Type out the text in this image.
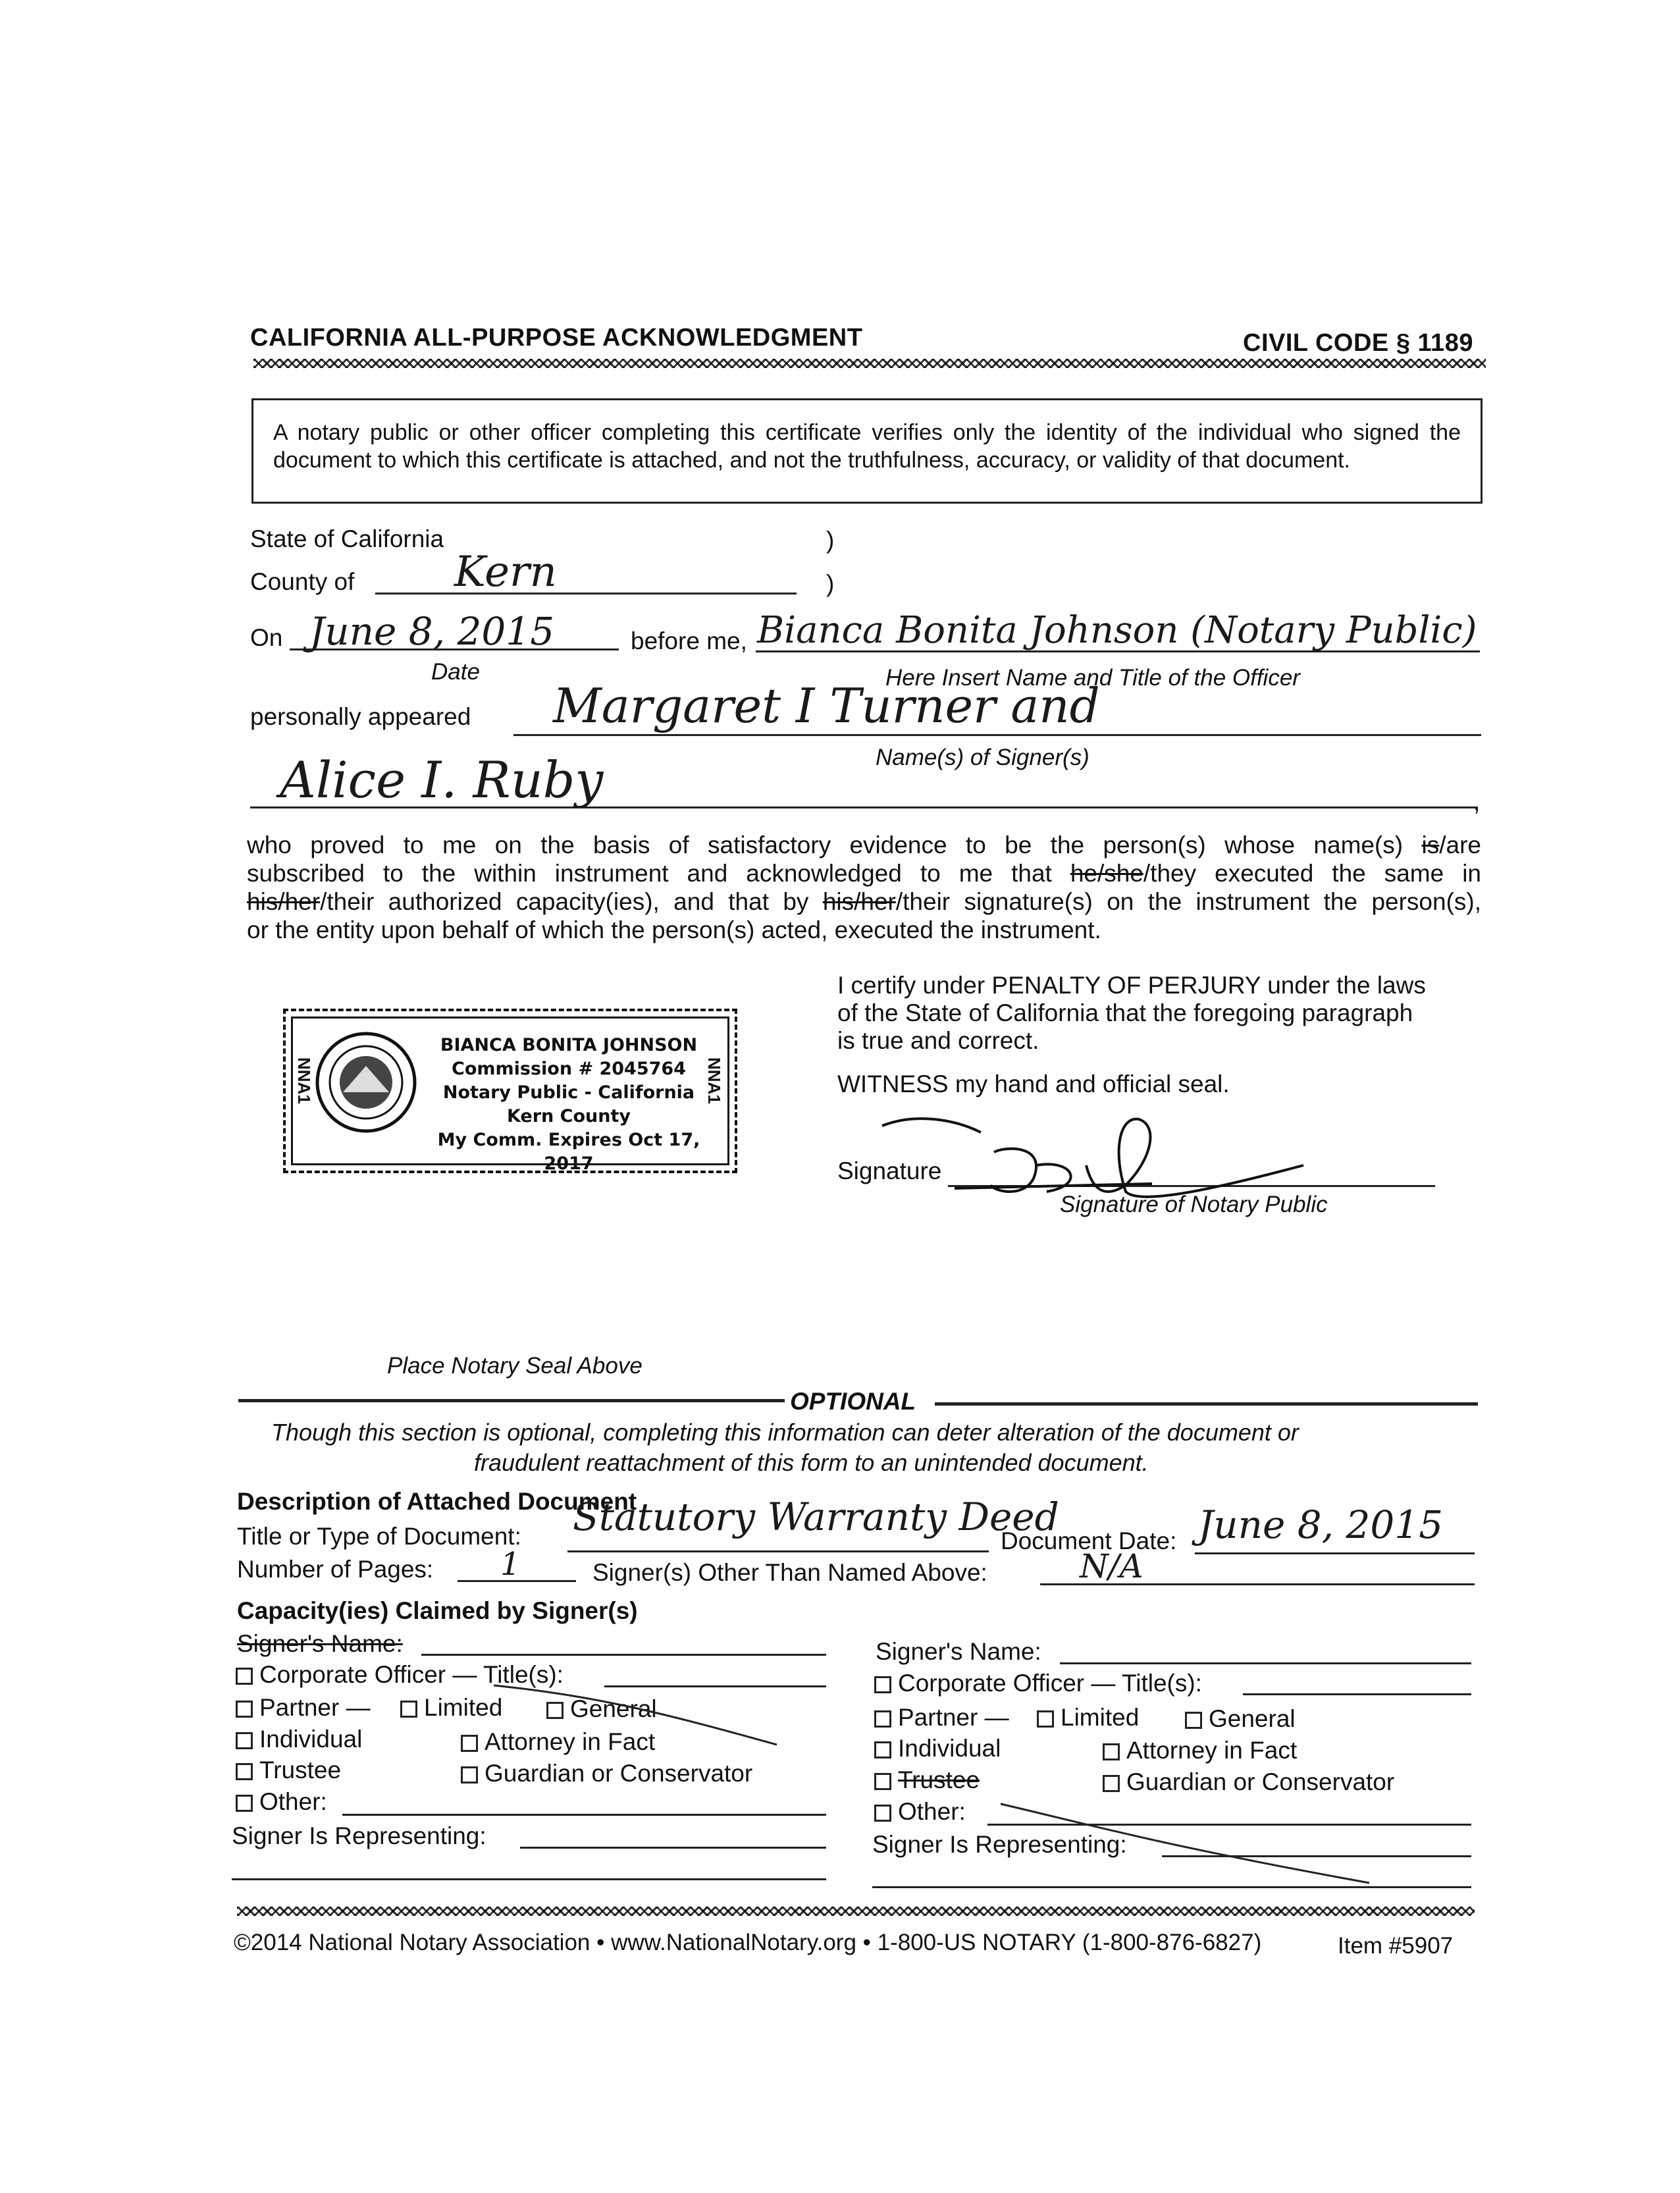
CALIFORNIA ALL-PURPOSE ACKNOWLEDGMENT	CIVIL CODE § 1189
A notary public or other officer completing this certificate verifies only the identity of the individual who signed the document to which this certificate is attached, and not the truthfulness, accuracy, or validity of that document.
State of California	)
County of Kern	)
On June 8, 2015	before me, Bianca Bonita Johnson (Notary Public)
Date	Here Insert Name and Title of the Officer
personally appeared Margaret I Turner and
Name(s) of Signer(s)
,
Alice I. Ruby
who proved to me on the basis of satisfactory evidence to be the person(s) whose name(s) is/are
subscribed to the within instrument and acknowledged to me that he/she/they executed the same in
his/her/their authorized capacity(ies), and that by his/her/their signature(s) on the instrument the person(s),
or the entity upon behalf of which the person(s) acted, executed the instrument.
I certify under PENALTY OF PERJURY under the laws
of the State of California that the foregoing paragraph
is true and correct.
WITNESS my hand and official seal.
Signature
Signature of Notary Public
NNA1	NNA1
BIANCA BONITA JOHNSON
Commission # 2045764
Notary Public - California
Kern County
My Comm. Expires Oct 17, 2017
Place Notary Seal Above
OPTIONAL
Though this section is optional, completing this information can deter alteration of the document or
fraudulent reattachment of this form to an unintended document.
Description of Attached Document
Title or Type of Document: Statutory Warranty Deed
Document Date: June 8, 2015
Number of Pages: 1	Signer(s) Other Than Named Above:	N/A
Capacity(ies) Claimed by Signer(s)
Signer's Name:
Corporate Officer — Title(s):
Partner —	Limited	General
Individual	Attorney in Fact
Trustee	Guardian or Conservator
Other:
Signer Is Representing:
Signer's Name:
Corporate Officer — Title(s):
Partner —	Limited	General
Individual	Attorney in Fact
Trustee	Guardian or Conservator
Other:
Signer Is Representing:
©2014 National Notary Association • www.NationalNotary.org • 1-800-US NOTARY (1-800-876-6827)	Item #5907
